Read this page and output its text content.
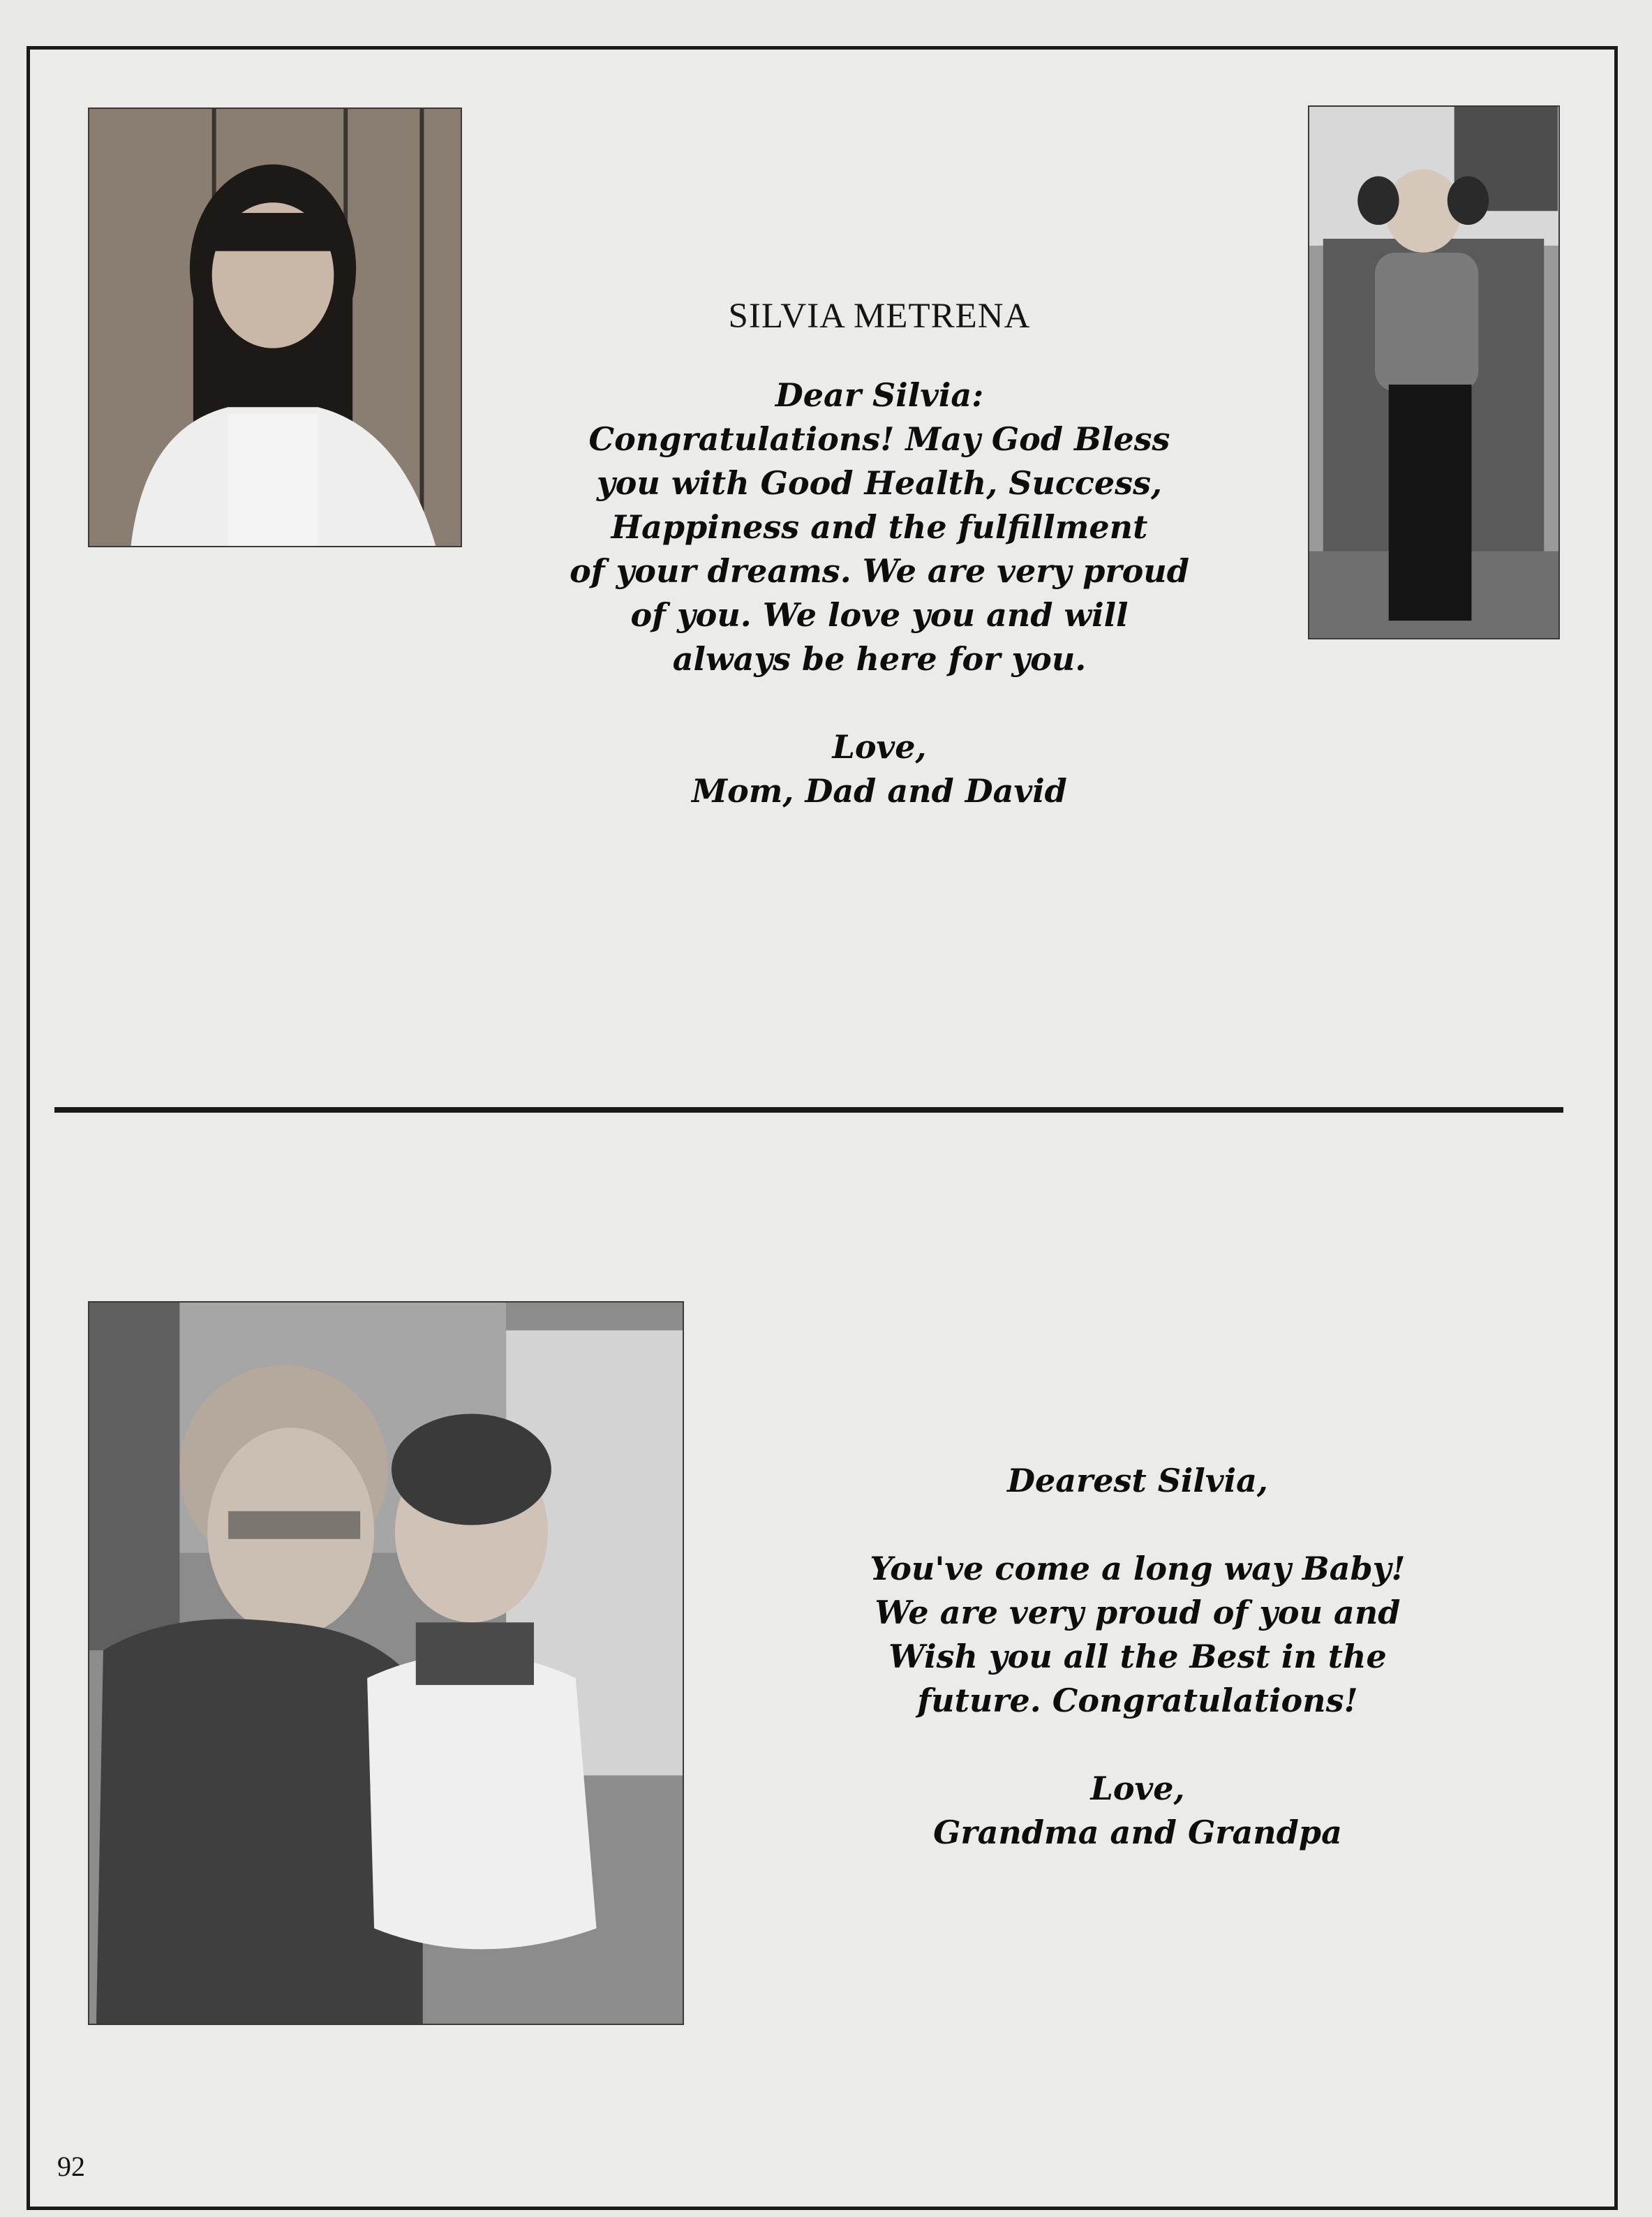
SILVIA METRENA
Dear Silvia:
Congratulations! May God Bless
you with Good Health, Success,
Happiness and the fulfillment
of your dreams. We are very proud
of you. We love you and will
always be here for you.
Love,
Mom, Dad and David
Dearest Silvia,
You've come a long way Baby!
We are very proud of you and
Wish you all the Best in the
future. Congratulations!
Love,
Grandma and Grandpa
92
